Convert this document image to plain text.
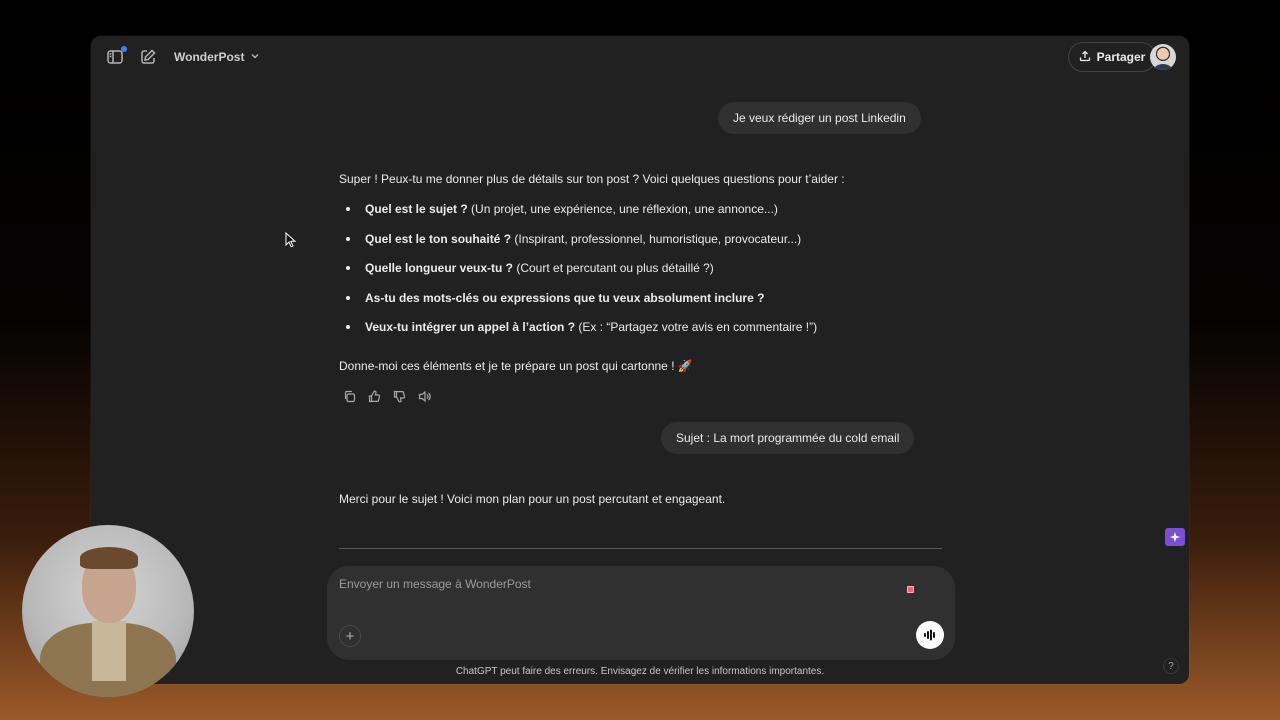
WonderPost	Partager
Je veux rédiger un post Linkedin

Super ! Peux-tu me donner plus de détails sur ton post ? Voici quelques questions pour t’aider :

Quel est le sujet ? (Un projet, une expérience, une réflexion, une annonce...)
Quel est le ton souhaité ? (Inspirant, professionnel, humoristique, provocateur...)
Quelle longueur veux-tu ? (Court et percutant ou plus détaillé ?)
As-tu des mots-clés ou expressions que tu veux absolument inclure ?
Veux-tu intégrer un appel à l’action ? (Ex : “Partagez votre avis en commentaire !”)

Donne-moi ces éléments et je te prépare un post qui cartonne ! 🚀

Sujet : La mort programmée du cold email

Merci pour le sujet ! Voici mon plan pour un post percutant et engageant.

Envoyer un message à WonderPost
+
ChatGPT peut faire des erreurs. Envisagez de vérifier les informations importantes.	?
